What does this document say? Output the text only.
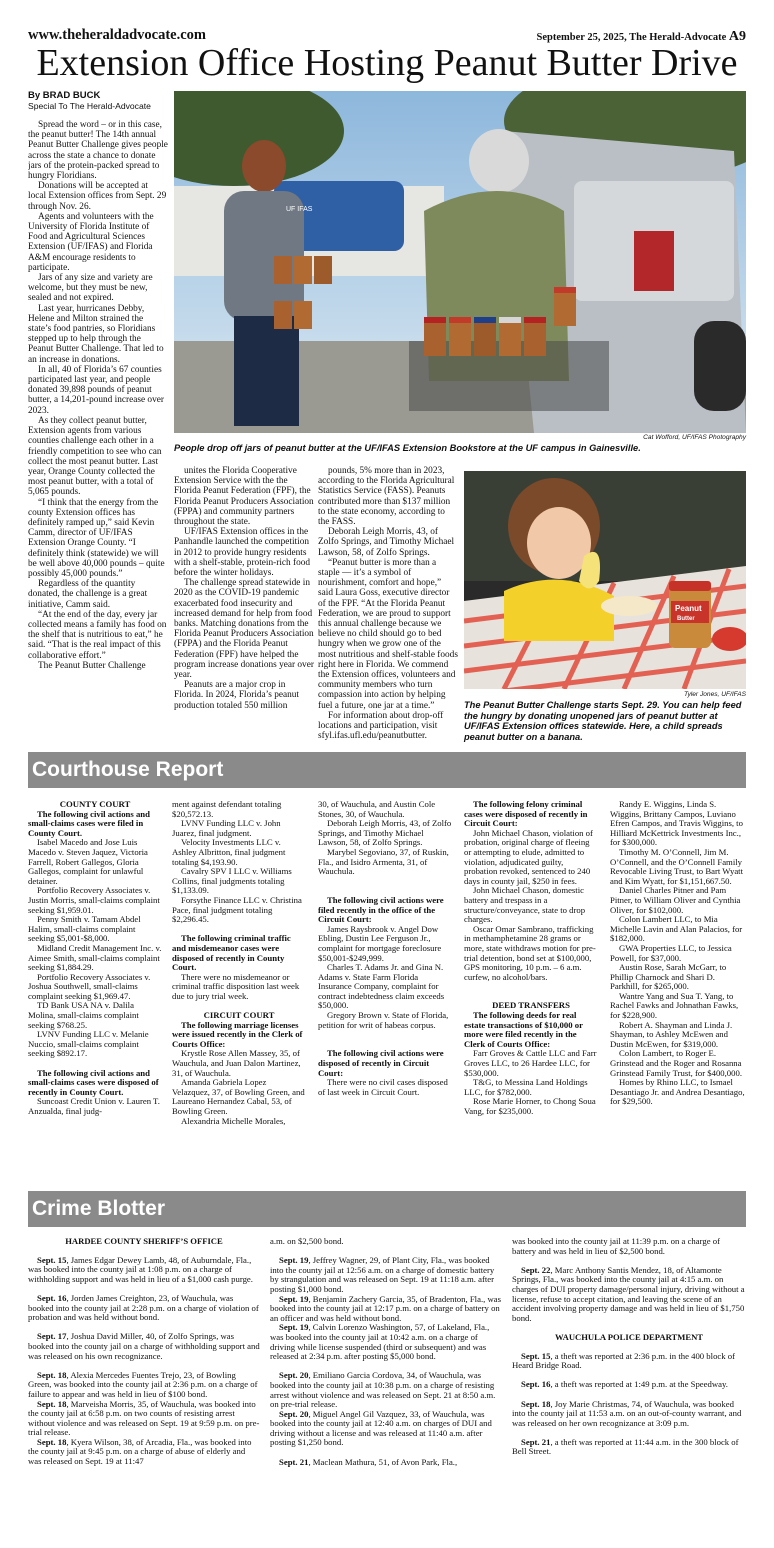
www.theheraldadvocate.com	September 25, 2025, The Herald-Advocate A9
Extension Office Hosting Peanut Butter Drive
By BRAD BUCK
Special To The Herald-Advocate

Spread the word – or in this case, the peanut butter! The 14th annual Peanut Butter Challenge gives people across the state a chance to donate jars of the protein-packed spread to hungry Floridians.

Donations will be accepted at local Extension offices from Sept. 29 through Nov. 26.

Agents and volunteers with the University of Florida Institute of Food and Agricultural Sciences Extension (UF/IFAS) and Florida A&M encourage residents to participate.

Jars of any size and variety are welcome, but they must be new, sealed and not expired.

Last year, hurricanes Debby, Helene and Milton strained the state’s food pantries, so Floridians stepped up to help through the Peanut Butter Challenge. That led to an increase in donations.

In all, 40 of Florida’s 67 counties participated last year, and people donated 39,898 pounds of peanut butter, a 14,201-pound increase over 2023.

As they collect peanut butter, Extension agents from various counties challenge each other in a friendly competition to see who can collect the most peanut butter. Last year, Orange County collected the most peanut butter, with a total of 5,065 pounds.

“I think that the energy from the county Extension offices has definitely ramped up,” said Kevin Camm, director of UF/IFAS Extension Orange County. “I definitely think (statewide) we will be well above 40,000 pounds – quite possibly 45,000 pounds.”

Regardless of the quantity donated, the challenge is a great initiative, Camm said.

“At the end of the day, every jar collected means a family has food on the shelf that is nutritious to eat,” he said. “That is the real impact of this collaborative effort.”

The Peanut Butter Challenge

unites the Florida Cooperative Extension Service with the the Florida Peanut Federation (FPF), the Florida Peanut Producers Association (FPPA) and community partners throughout the state.

UF/IFAS Extension offices in the Panhandle launched the competition in 2012 to provide hungry residents with a shelf-stable, protein-rich food before the winter holidays.

The challenge spread statewide in 2020 as the COVID-19 pandemic exacerbated food insecurity and increased demand for help from food banks. Matching donations from the Florida Peanut Producers Association (FPPA) and the Florida Peanut Federation (FPF) have helped the program increase donations year over year.

Peanuts are a major crop in Florida. In 2024, Florida’s peanut production totaled 550 million

pounds, 5% more than in 2023, according to the Florida Agricultural Statistics Service (FASS). Peanuts contributed more than $137 million to the state economy, according to the FASS.

Deborah Leigh Morris, 43, of Zolfo Springs, and Timothy Michael Lawson, 58, of Zolfo Springs.

“Peanut butter is more than a staple — it’s a symbol of nourishment, comfort and hope,” said Laura Goss, executive director of the FPF. “At the Florida Peanut Federation, we are proud to support this annual challenge because we believe no child should go to bed hungry when we grow one of the most nutritious and shelf-stable foods right here in Florida. We commend the Extension offices, volunteers and community members who turn compassion into action by helping fuel a future, one jar at a time.”

For information about drop-off locations and participation, visit sfyl.ifas.ufl.edu/peanutbutter.

UF IFAS
Cat Wofford, UF/IFAS Photography
People drop off jars of peanut butter at the UF/IFAS Extension Bookstore at the UF campus in Gainesville.
Peanut
Butter
Tyler Jones, UF/IFAS
The Peanut Butter Challenge starts Sept. 29. You can help feed the hungry by donating unopened jars of peanut butter at UF/IFAS Extension offices statewide. Here, a child spreads peanut butter on a banana.
Courthouse Report

COUNTY COURT

The following civil actions and small-claims cases were filed in County Court.

Isabel Macedo and Jose Luis Macedo v. Steven Jaquez, Victoria Farrell, Robert Gallegos, Gloria Gallegos, complaint for unlawful detainer.

Portfolio Recovery Associates v. Justin Morris, small-claims complaint seeking $1,959.01.

Penny Smith v. Tamam Abdel Halim, small-claims complaint seeking $5,001-$8,000.

Midland Credit Management Inc. v. Aimee Smith, small-claims complaint seeking $1,884.29.

Portfolio Recovery Associates v. Joshua Southwell, small-claims complaint seeking $1,969.47.

TD Bank USA NA v. Dalila Molina, small-claims complaint seeking $768.25.

LVNV Funding LLC v. Melanie Nuccio, small-claims complaint seeking $892.17.

The following civil actions and small-claims cases were disposed of recently in County Court.

Suncoast Credit Union v. Lauren T. Anzualda, final judg-

ment against defendant totaling $20,572.13.

LVNV Funding LLC v. John Juarez, final judgment.

Velocity Investments LLC v. Ashley Albritton, final judgment totaling $4,193.90.

Cavalry SPV I LLC v. Williams Collins, final judgments totaling $1,133.09.

Forsythe Finance LLC v. Christina Pace, final judgment totaling $2,296.45.

The following criminal traffic and misdemeanor cases were disposed of recently in County Court.

There were no misdemeanor or criminal traffic disposition last week due to jury trial week.

CIRCUIT COURT

The following marriage licenses were issued recently in the Clerk of Courts Office:

Krystle Rose Allen Massey, 35, of Wauchula, and Juan Dalon Martinez, 31, of Wauchula.

Amanda Gabriela Lopez Velazquez, 37, of Bowling Green, and Laureano Hernandez Cabal, 53, of Bowling Green.

Alexandria Michelle Morales,

30, of Wauchula, and Austin Cole Stones, 30, of Wauchula.

Deborah Leigh Morris, 43, of Zolfo Springs, and Timothy Michael Lawson, 58, of Zolfo Springs.

Marybel Segoviano, 37, of Ruskin, Fla., and Isidro Armenta, 31, of Wauchula.

The following civil actions were filed recently in the office of the Circuit Court:

James Raysbrook v. Angel Dow Ebling, Dustin Lee Ferguson Jr., complaint for mortgage foreclosure $50,001-$249,999.

Charles T. Adams Jr. and Gina N. Adams v. State Farm Florida Insurance Company, complaint for contract indebtedness claim exceeds $50,000.

Gregory Brown v. State of Florida, petition for writ of habeas corpus.

The following civil actions were disposed of recently in Circuit Court:

There were no civil cases disposed of last week in Circuit Court.

The following felony criminal cases were disposed of recently in Circuit Court:

John Michael Chason, violation of probation, original charge of fleeing or attempting to elude, admitted to violation, adjudicated guilty, probation revoked, sentenced to 240 days in county jail, $250 in fees.

John Michael Chason, domestic battery and trespass in a structure/conveyance, state to drop charges.

Oscar Omar Sambrano, trafficking in methamphetamine 28 grams or more, state withdraws motion for pre-trial detention, bond set at $100,000, GPS monitoring, 10 p.m. – 6 a.m. curfew, no alcohol/bars.

DEED TRANSFERS

The following deeds for real estate transactions of $10,000 or more were filed recently in the Clerk of Courts Office:

Farr Groves & Cattle LLC and Farr Groves LLC, to 26 Hardee LLC, for $530,000.

T&G, to Messina Land Holdings LLC, for $782,000.

Rose Marie Horner, to Chong Soua Vang, for $235,000.

Randy E. Wiggins, Linda S. Wiggins, Brittany Campos, Luviano Efren Campos, and Travis Wiggins, to Hilliard McKettrick Investments Inc., for $300,000.

Timothy M. O’Connell, Jim M. O’Connell, and the O’Connell Family Revocable Living Trust, to Bart Wyatt and Kim Wyatt, for $1,151,667.50.

Daniel Charles Pitner and Pam Pitner, to William Oliver and Cynthia Oliver, for $102,000.

Colon Lambert LLC, to Mia Michelle Lavin and Alan Palacios, for $182,000.

GWA Properties LLC, to Jessica Powell, for $37,000.

Austin Rose, Sarah McGarr, to Phillip Charnock and Shari D. Parkhill, for $265,000.

Wantre Yang and Sua T. Yang, to Rachel Fawks and Johnathan Fawks, for $228,900.

Robert A. Shayman and Linda J. Shayman, to Ashley McEwen and Dustin McEwen, for $319,000.

Colon Lambert, to Roger E. Grinstead and the Roger and Rosanna Grinstead Family Trust, for $400,000.

Homes by Rhino LLC, to Ismael Desantiago Jr. and Andrea Desantiago, for $29,500.

Crime Blotter

HARDEE COUNTY SHERIFF’S OFFICE

Sept. 15, James Edgar Dewey Lamb, 48, of Auburndale, Fla., was booked into the county jail at 1:08 p.m. on a charge of withholding support and was held in lieu of a $1,000 cash purge.

Sept. 16, Jorden James Creighton, 23, of Wauchula, was booked into the county jail at 2:28 p.m. on a charge of violation of probation and was held without bond.

Sept. 17, Joshua David Miller, 40, of Zolfo Springs, was booked into the county jail on a charge of withholding support and was released on his own recognizance.

Sept. 18, Alexia Mercedes Fuentes Trejo, 23, of Bowling Green, was booked into the county jail at 2:36 p.m. on a charge of failure to appear and was held in lieu of $100 bond.

Sept. 18, Marveisha Morris, 35, of Wauchula, was booked into the county jail at 6:58 p.m. on two counts of resisting arrest without violence and was released on Sept. 19 at 9:59 p.m. on pre-trial release.

Sept. 18, Kyera Wilson, 38, of Arcadia, Fla., was booked into the county jail at 9:45 p.m. on a charge of abuse of elderly and was released on Sept. 19 at 11:47

a.m. on $2,500 bond.

Sept. 19, Jeffrey Wagner, 29, of Plant City, Fla., was booked into the county jail at 12:56 a.m. on a charge of domestic battery by strangulation and was released on Sept. 19 at 11:18 a.m. after posting $1,000 bond.

Sept. 19, Benjamin Zachery Garcia, 35, of Bradenton, Fla., was booked into the county jail at 12:17 p.m. on a charge of battery on an officer and was held without bond.

Sept. 19, Calvin Lorenzo Washington, 57, of Lakeland, Fla., was booked into the county jail at 10:42 a.m. on a charge of driving while license suspended (third or subsequent) and was released at 2:34 p.m. after posting $5,000 bond.

Sept. 20, Emiliano Garcia Cordova, 34, of Wauchula, was booked into the county jail at 10:38 p.m. on a charge of resisting arrest without violence and was released on Sept. 21 at 8:50 a.m. on pre-trial release.

Sept. 20, Miguel Angel Gil Vazquez, 33, of Wauchula, was booked into the county jail at 12:40 a.m. on charges of DUI and driving without a license and was released at 11:40 a.m. after posting $1,250 bond.

Sept. 21, Maclean Mathura, 51, of Avon Park, Fla.,

was booked into the county jail at 11:39 p.m. on a charge of battery and was held in lieu of $2,500 bond.

Sept. 22, Marc Anthony Santis Mendez, 18, of Altamonte Springs, Fla., was booked into the county jail at 4:15 a.m. on charges of DUI property damage/personal injury, driving without a license, refuse to accept citation, and leaving the scene of an accident involving property damage and was held in lieu of $1,750 bond.

WAUCHULA POLICE DEPARTMENT

Sept. 15, a theft was reported at 2:36 p.m. in the 400 block of Heard Bridge Road.

Sept. 16, a theft was reported at 1:49 p.m. at the Speedway.

Sept. 18, Joy Marie Christmas, 74, of Wauchula, was booked into the county jail at 11:53 a.m. on an out-of-county warrant, and was released on her own recognizance at 3:09 p.m.

Sept. 21, a theft was reported at 11:44 a.m. in the 300 block of Bell Street.
